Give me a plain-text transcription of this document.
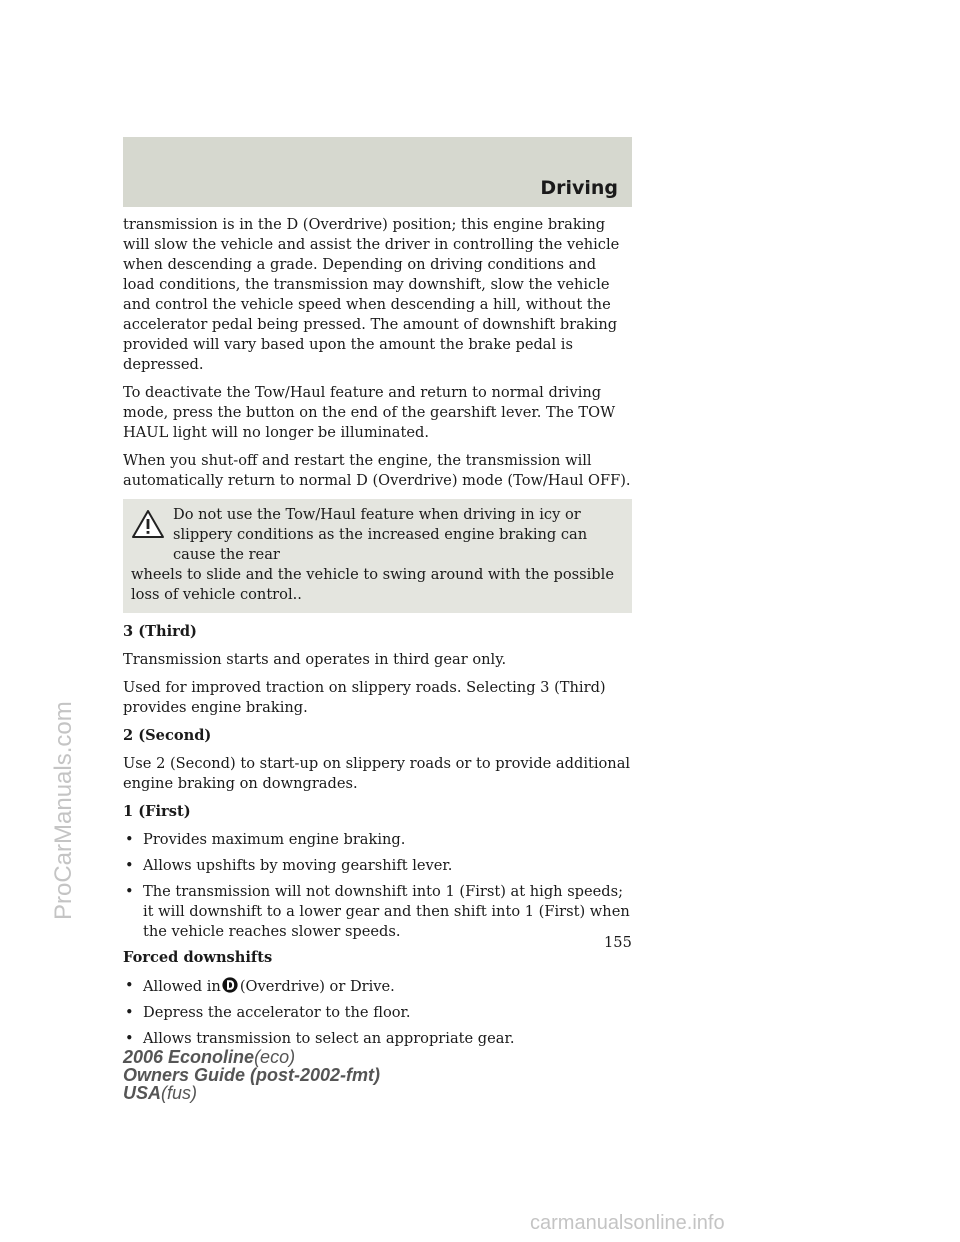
Driving

transmission is in the D (Overdrive) position; this engine braking will slow the vehicle and assist the driver in controlling the vehicle when descending a grade. Depending on driving conditions and load conditions, the transmission may downshift, slow the vehicle and control the vehicle speed when descending a hill, without the accelerator pedal being pressed. The amount of downshift braking provided will vary based upon the amount the brake pedal is depressed.

To deactivate the Tow/Haul feature and return to normal driving mode, press the button on the end of the gearshift lever. The TOW HAUL light will no longer be illuminated.

When you shut-off and restart the engine, the transmission will automatically return to normal D (Overdrive) mode (Tow/Haul OFF).

Do not use the Tow/Haul feature when driving in icy or slippery conditions as the increased engine braking can cause the rear
wheels to slide and the vehicle to swing around with the possible loss of vehicle control..

3 (Third)

Transmission starts and operates in third gear only.

Used for improved traction on slippery roads. Selecting 3 (Third) provides engine braking.

2 (Second)

Use 2 (Second) to start-up on slippery roads or to provide additional engine braking on downgrades.

1 (First)

• Provides maximum engine braking.
• Allows upshifts by moving gearshift lever.
• The transmission will not downshift into 1 (First) at high speeds; it will downshift to a lower gear and then shift into 1 (First) when the vehicle reaches slower speeds.

Forced downshifts

• Allowed in (Overdrive) or Drive.
• Depress the accelerator to the floor.
• Allows transmission to select an appropriate gear.
155
2006 Econoline(eco)
Owners Guide (post-2002-fmt)
USA(fus)
ProCarManuals.com
carmanualsonline.info
